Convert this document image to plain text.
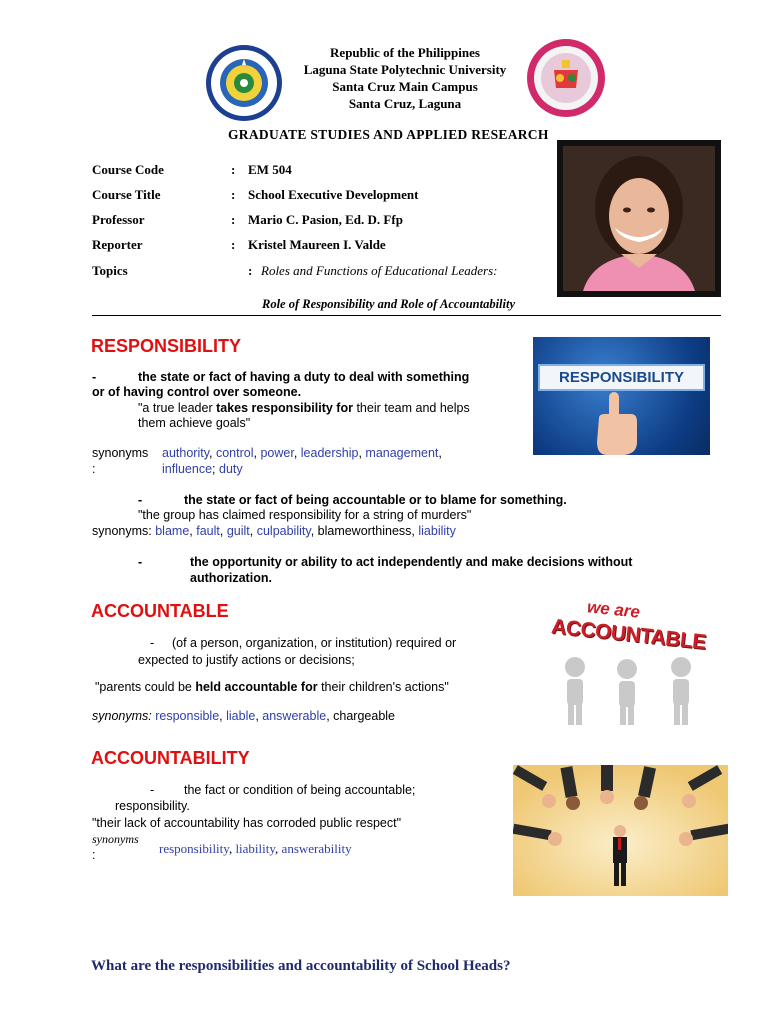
Republic of the Philippines
Laguna State Polytechnic University
Santa Cruz Main Campus
Santa Cruz, Laguna
GRADUATE STUDIES AND APPLIED RESEARCH
Course Code	: EM 504
Course Title	: School Executive Development
Professor	: Mario C. Pasion, Ed. D. Ffp
Reporter	: Kristel Maureen I. Valde
Topics	: Roles and Functions of Educational Leaders:
Role of Responsibility and Role of Accountability
RESPONSIBILITY
RESPONSIBILITY
-	the state or fact of having a duty to deal with something
or of having control over someone.
"a true leader takes responsibility for their team and helps
them achieve goals"
synonyms
:
authority, control, power, leadership, management,
influence; duty
-	the state or fact of being accountable or to blame for something.
"the group has claimed responsibility for a string of murders"
synonyms: blame, fault, guilt, culpability, blameworthiness, liability
-	the opportunity or ability to act independently and make decisions without
authorization.
ACCOUNTABLE	we are
ACCOUNTABLE
- (of a person, organization, or institution) required or
expected to justify actions or decisions;
"parents could be held accountable for their children's actions"
synonyms: responsible, liable, answerable, chargeable
ACCOUNTABILITY
- the fact or condition of being accountable;
responsibility.
"their lack of accountability has corroded public respect"
synonyms
:	responsibility, liability, answerability
What are the responsibilities and accountability of School Heads?
